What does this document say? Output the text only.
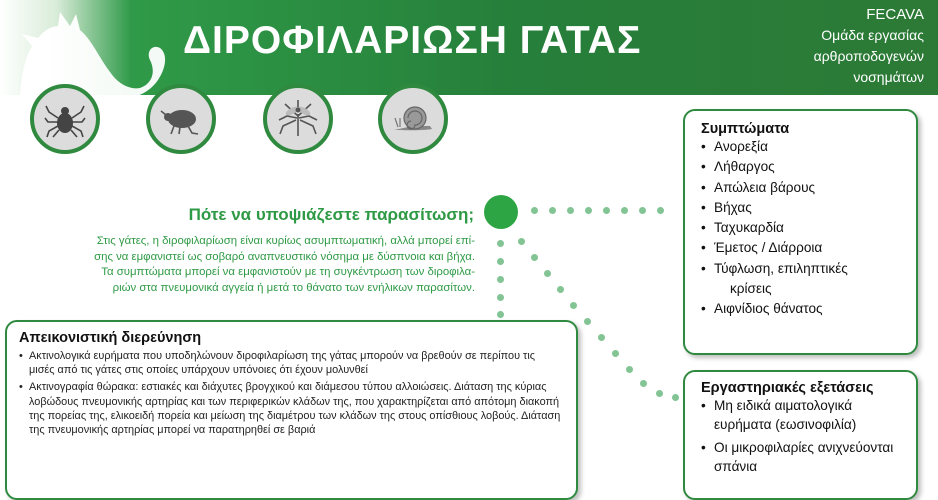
ΔΙΡΟΦΙΛΑΡΙΩΣΗ ΓΑΤΑΣ
FECAVA
Ομάδα εργασίας
αρθροποδογενών
νοσημάτων
Πότε να υποψιάζεστε παρασίτωση;

Στις γάτες, η διροφιλαρίωση είναι κυρίως ασυμπτωματική, αλλά μπορεί επί-

σης να εμφανιστεί ως σοβαρό αναπνευστικό νόσημα με δύσπνοια και βήχα.

Τα συμπτώματα μπορεί να εμφανιστούν με τη συγκέντρωση των διροφιλα-

ριών στα πνευμονικά αγγεία ή μετά το θάνατο των ενήλικων παρασίτων.

Συμπτώματα
• Ανορεξία
• Λήθαργος
• Απώλεια βάρους
• Βήχας
• Ταχυκαρδία
• Έμετος / Διάρροια
• Τύφλωση, επιληπτικές
κρίσεις
• Αιφνίδιος θάνατος
Εργαστηριακές εξετάσεις
• Μη ειδικά αιματολογικά ευρήματα (εωσινοφιλία)
• Οι μικροφιλαρίες ανιχνεύονται σπάνια
Απεικονιστική διερεύνηση
• Ακτινολογικά ευρήματα που υποδηλώνουν διροφιλαρίωση της γάτας μπορούν να βρεθούν σε περίπου τις μισές από τις γάτες στις οποίες υπάρχουν υπόνοιες ότι έχουν μολυνθεί
• Ακτινογραφία θώρακα: εστιακές και διάχυτες βρογχικού και διάμεσου τύπου αλλοιώσεις. Διάταση της κύριας λοβώδους πνευμονικής αρτηρίας και των περιφερικών κλάδων της, που χαρακτηρίζεται από απότομη διακοπή της πορείας της, ελικοειδή πορεία και μείωση της διαμέτρου των κλάδων της στους οπίσθιους λοβούς. Διάταση της πνευμονικής αρτηρίας μπορεί να παρατηρηθεί σε βαριά
